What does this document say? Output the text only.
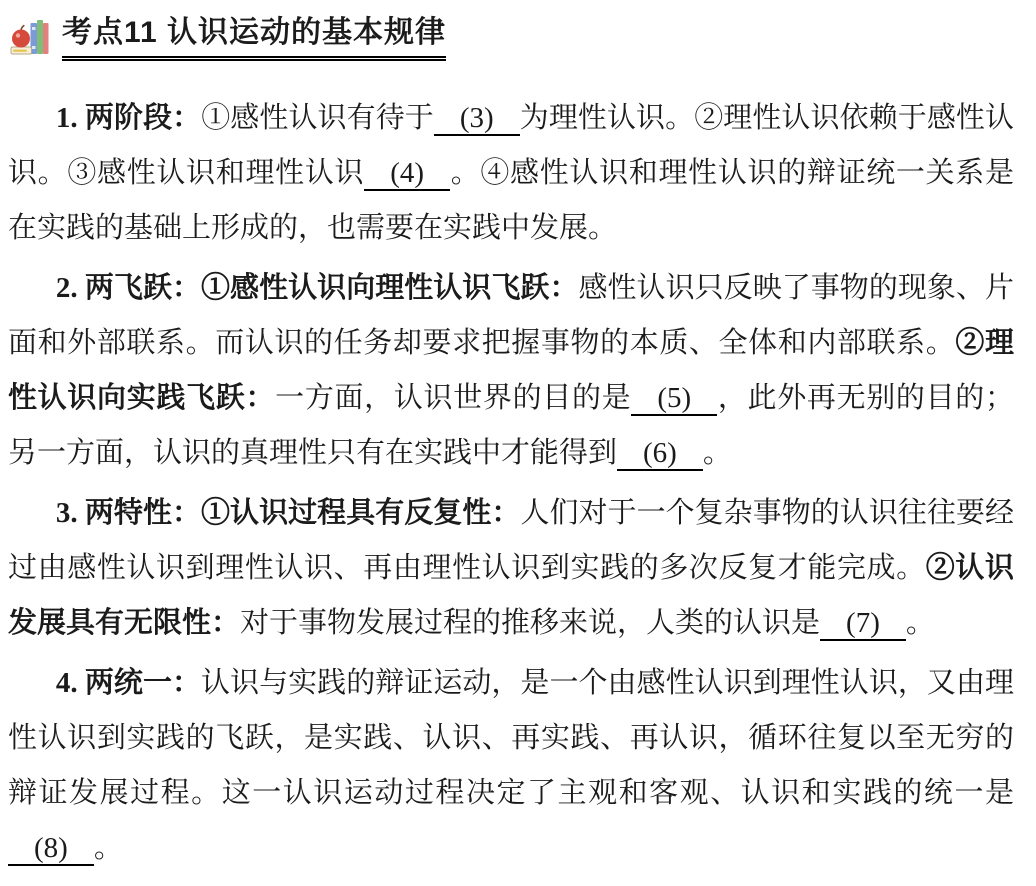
考点11 认识运动的基本规律

1. 两阶段：①感性认识有待于 (3) 为理性认识。②理性认识依赖于感性认识。③感性认识和理性认识 (4) 。④感性认识和理性认识的辩证统一关系是在实践的基础上形成的，也需要在实践中发展。

2. 两飞跃：①感性认识向理性认识飞跃：感性认识只反映了事物的现象、片面和外部联系。而认识的任务却要求把握事物的本质、全体和内部联系。②理性认识向实践飞跃：一方面，认识世界的目的是 (5) ，此外再无别的目的；另一方面，认识的真理性只有在实践中才能得到 (6) 。

3. 两特性：①认识过程具有反复性：人们对于一个复杂事物的认识往往要经过由感性认识到理性认识、再由理性认识到实践的多次反复才能完成。②认识发展具有无限性：对于事物发展过程的推移来说，人类的认识是 (7) 。

4. 两统一：认识与实践的辩证运动，是一个由感性认识到理性认识，又由理性认识到实践的飞跃，是实践、认识、再实践、再认识，循环往复以至无穷的辩证发展过程。这一认识运动过程决定了主观和客观、认识和实践的统一是(8) 。
